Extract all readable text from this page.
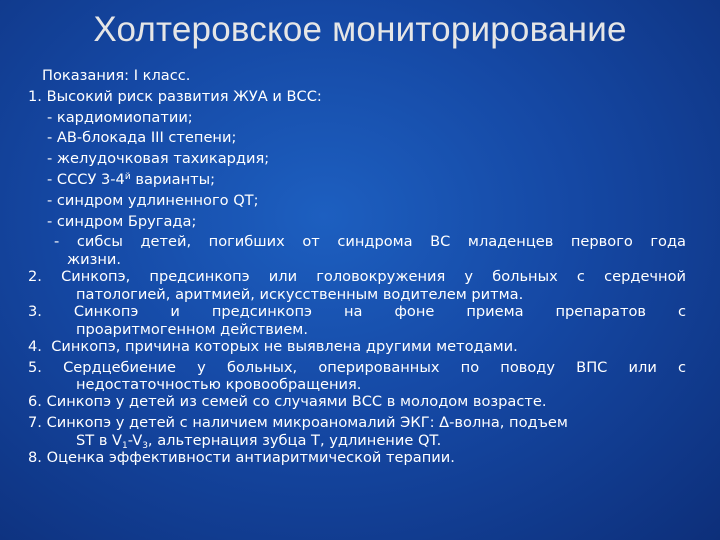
Холтеровское мониторирование
Показания: I класс.
1. Высокий риск развития ЖУА и ВСС:
- кардиомиопатии;
- АВ-блокада III степени;
- желудочковая тахикардия;
- СССУ $3-4^й$ варианты;
- синдром удлиненного QT;
- синдром Бругада;
- сибсы детей, погибших от синдрома ВС младенцев первого года
жизни.
2. Синкопэ, предсинкопэ или головокружения у больных с сердечной
патологией, аритмией, искусственным водителем ритма.
3. Синкопэ и предсинкопэ на фоне приема препаратов с
проаритмогенном действием.
4. Синкопэ, причина которых не выявлена другими методами.
5. Сердцебиение у больных, оперированных по поводу ВПС или с
недостаточностью кровообращения.
6. Синкопэ у детей из семей со случаями ВСС в молодом возрасте.
7. Синкопэ у детей с наличием микроаномалий ЭКГ: Δ-волна, подъем
ST в $V_1-V_3$, альтернация зубца Т, удлинение QT.
8. Оценка эффективности антиаритмической терапии.
